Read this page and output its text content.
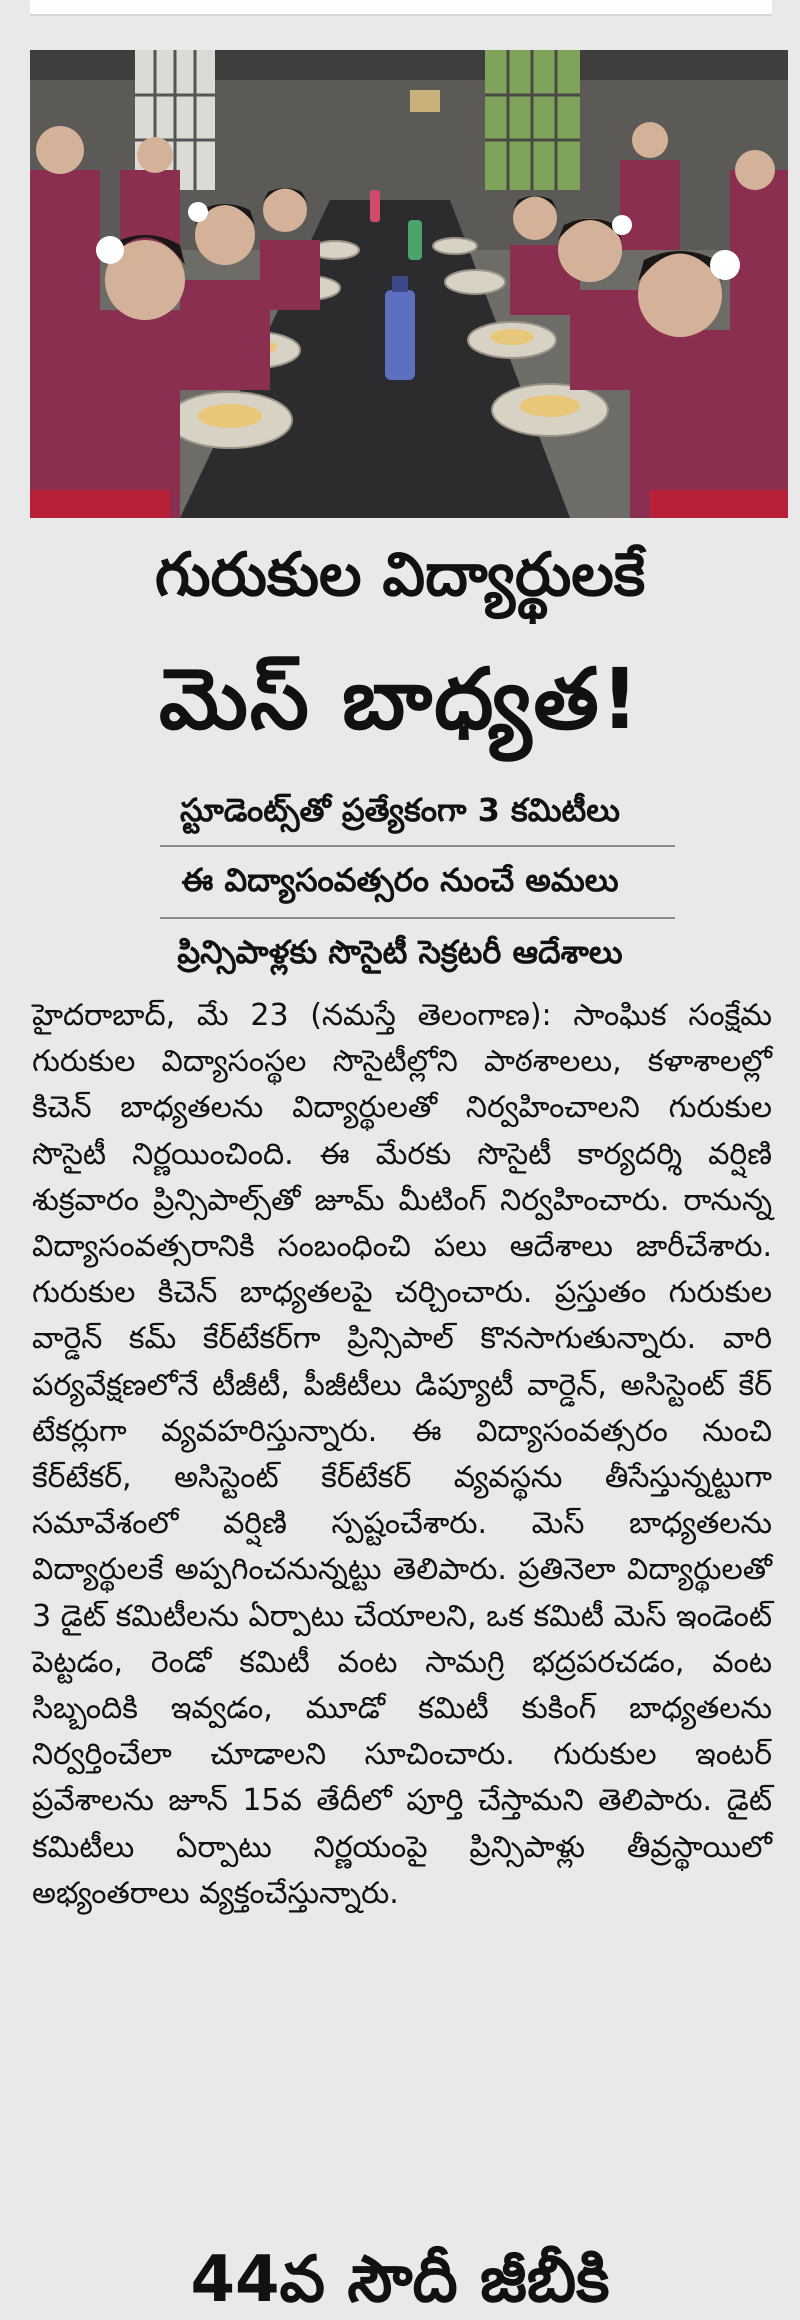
గురుకుల విద్యార్థులకే
మెస్ బాధ్యత!
స్టూడెంట్స్‌తో ప్రత్యేకంగా 3 కమిటీలు
ఈ విద్యాసంవత్సరం నుంచే అమలు
ప్రిన్సిపాళ్లకు సొసైటీ సెక్రటరీ ఆదేశాలు

హైదరాబాద్, మే 23 (నమస్తే తెలంగాణ): సాంఘిక సంక్షేమ గురుకుల విద్యాసంస్థల సొసైటీల్లోని పాఠశాలలు, కళాశాలల్లో కిచెన్ బాధ్యతలను విద్యార్థులతో నిర్వహించాలని గురుకుల సొసైటీ నిర్ణయించింది. ఈ మేరకు సొసైటీ కార్యదర్శి వర్షిణి శుక్రవారం ప్రిన్సిపాల్స్‌తో జూమ్ మీటింగ్ నిర్వహించారు. రానున్న విద్యాసంవత్సరానికి సంబంధించి పలు ఆదేశాలు జారీచేశారు. గురుకుల కిచెన్ బాధ్యతలపై చర్చించారు. ప్రస్తుతం గురుకుల వార్డెన్ కమ్ కేర్‌టేకర్‌గా ప్రిన్సిపాల్ కొనసాగుతున్నారు. వారి పర్యవేక్షణలోనే టీజీటీ, పీజీటీలు డిప్యూటీ వార్డెన్, అసిస్టెంట్ కేర్ టేకర్లుగా వ్యవహరిస్తున్నారు. ఈ విద్యాసంవత్సరం నుంచి కేర్‌టేకర్, అసిస్టెంట్ కేర్‌టేకర్ వ్యవస్థను తీసేస్తున్నట్టుగా సమావేశంలో వర్షిణి స్పష్టంచేశారు. మెస్ బాధ్యతలను విద్యార్థులకే అప్పగించనున్నట్టు తెలిపారు. ప్రతినెలా విద్యార్థులతో 3 డైట్ కమిటీలను ఏర్పాటు చేయాలని, ఒక కమిటీ మెస్ ఇండెంట్ పెట్టడం, రెండో కమిటీ వంట సామగ్రి భద్రపరచడం, వంట సిబ్బందికి ఇవ్వడం, మూడో కమిటీ కుకింగ్ బాధ్యతలను నిర్వర్తించేలా చూడాలని సూచించారు. గురుకుల ఇంటర్ ప్రవేశాలను జూన్ 15వ తేదీలో పూర్తి చేస్తామని తెలిపారు. డైట్ కమిటీలు ఏర్పాటు నిర్ణయంపై ప్రిన్సిపాళ్లు తీవ్రస్థాయిలో అభ్యంతరాలు వ్యక్తంచేస్తున్నారు.

44వ సౌదీ జీబీకి
